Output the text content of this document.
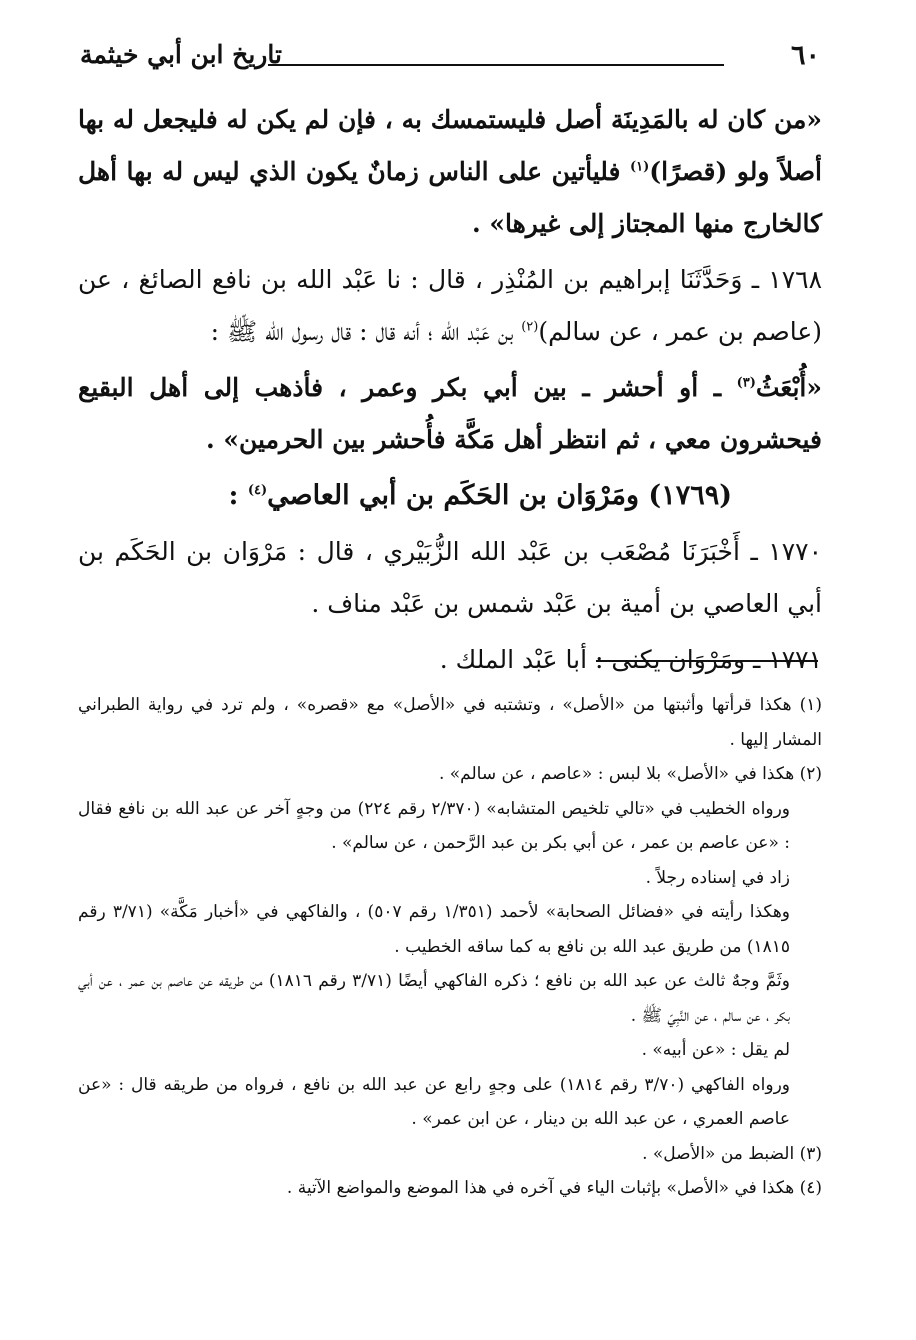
٦٠
تاريخ ابن أبي خيثمة

«من كان له بالمَدِينَة أصل فليستمسك به ، فإن لم يكن له فليجعل له بها أصلاً ولو (قصرًا)$^{(١)}$ فليأتين على الناس زمانٌ يكون الذي ليس له بها أهل كالخارج منها المجتاز إلى غيرها» .

١٧٦٨ ـ وَحَدَّثَنَا إبراهيم بن المُنْذِر ، قال : نا عَبْد الله بن نافع الصائغ ، عن (عاصم بن عمر ، عن سالم)$^{(٢)}$ بن عَبْد الله ؛ أنه قال : قال رسول الله ﷺ :

«أُبْعَثُ$^{(٣)}$ ـ أو أحشر ـ بين أبي بكر وعمر ، فأذهب إلى أهل البقيع فيحشرون معي ، ثم انتظر أهل مَكَّة فأُحشر بين الحرمين» .

(١٧٦٩) ومَرْوَان بن الحَكَم بن أبي العاصي$^{(٤)}$ :

١٧٧٠ ـ أَخْبَرَنَا مُصْعَب بن عَبْد الله الزُّبَيْري ، قال : مَرْوَان بن الحَكَم بن أبي العاصي بن أمية بن عَبْد شمس بن عَبْد مناف .

١٧٧١ ـ ومَرْوَان يكنى : أبا عَبْد الملك .

(١) هكذا قرأتها وأثبتها من «الأصل» ، وتشتبه في «الأصل» مع «قصره» ، ولم ترد في رواية الطبراني المشار إليها .

(٢) هكذا في «الأصل» بلا لبس : «عاصم ، عن سالم» .

ورواه الخطيب في «تالي تلخيص المتشابه» (٢/٣٧٠ رقم ٢٢٤) من وجهٍ آخر عن عبد الله بن نافع فقال : «عن عاصم بن عمر ، عن أبي بكر بن عبد الرَّحمن ، عن سالم» .

زاد في إسناده رجلاً .

وهكذا رأيته في «فضائل الصحابة» لأحمد (١/٣٥١ رقم ٥٠٧) ، والفاكهي في «أخبار مَكَّة» (٣/٧١ رقم ١٨١٥) من طريق عبد الله بن نافع به كما ساقه الخطيب .

وثَمَّ وجهٌ ثالث عن عبد الله بن نافع ؛ ذكره الفاكهي أيضًا (٣/٧١ رقم ١٨١٦) من طريقه عن عاصم بن عمر ، عن أبي بكر ، عن سالم ، عن النَّبِيّ ﷺ .

لم يقل : «عن أبيه» .

ورواه الفاكهي (٣/٧٠ رقم ١٨١٤) على وجهٍ رابع عن عبد الله بن نافع ، فرواه من طريقه قال : «عن عاصم العمري ، عن عبد الله بن دينار ، عن ابن عمر» .

(٣) الضبط من «الأصل» .

(٤) هكذا في «الأصل» بإثبات الياء في آخره في هذا الموضع والمواضع الآتية .
